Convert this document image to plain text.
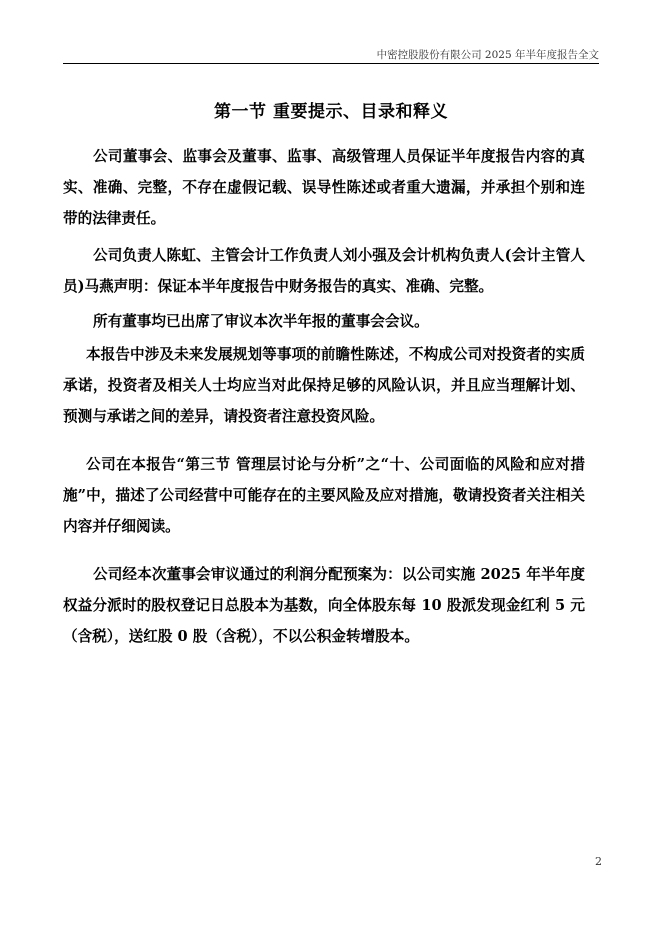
中密控股股份有限公司 2025 年半年度报告全文
第一节 重要提示、目录和释义
公司董事会、监事会及董事、监事、高级管理人员保证半年度报告内容的真实、准确、完整，不存在虚假记载、误导性陈述或者重大遗漏，并承担个别和连带的法律责任。
公司负责人陈虹、主管会计工作负责人刘小强及会计机构负责人(会计主管人员)马燕声明：保证本半年度报告中财务报告的真实、准确、完整。
所有董事均已出席了审议本次半年报的董事会会议。
本报告中涉及未来发展规划等事项的前瞻性陈述，不构成公司对投资者的实质承诺，投资者及相关人士均应当对此保持足够的风险认识，并且应当理解计划、预测与承诺之间的差异，请投资者注意投资风险。
公司在本报告“第三节 管理层讨论与分析”之“十、公司面临的风险和应对措施”中，描述了公司经营中可能存在的主要风险及应对措施，敬请投资者关注相关内容并仔细阅读。
公司经本次董事会审议通过的利润分配预案为：以公司实施 2025 年半年度权益分派时的股权登记日总股本为基数，向全体股东每 10 股派发现金红利 5 元（含税），送红股 0 股（含税），不以公积金转增股本。
2
